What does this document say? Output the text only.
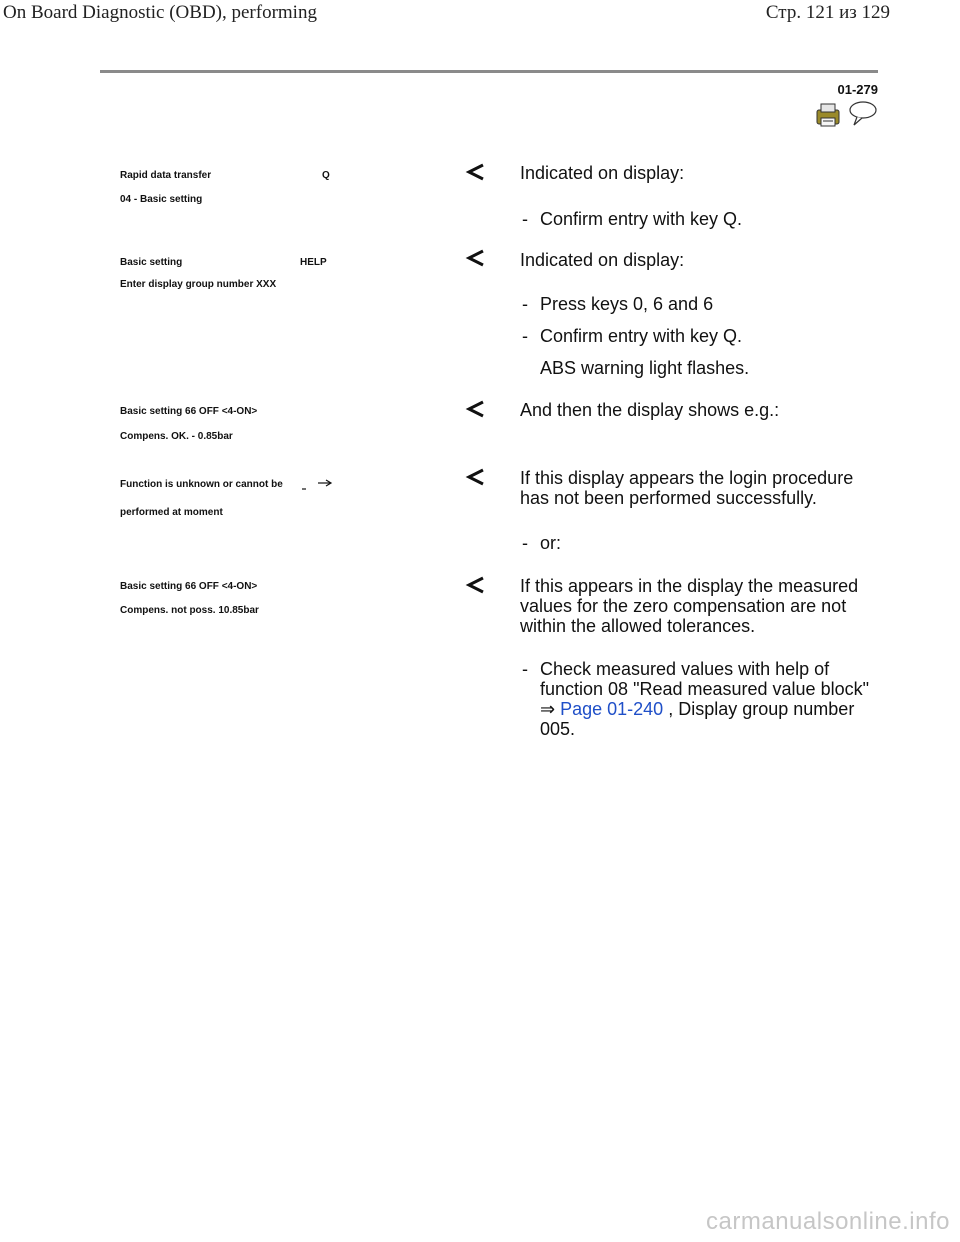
On Board Diagnostic (OBD), performing	Стр. 121 из 129
01-279
Rapid data transfer	Q
04 - Basic setting
Indicated on display:
- Confirm entry with key Q.
Basic setting	HELP
Enter display group number XXX
Indicated on display:
- Press keys 0, 6 and 6
- Confirm entry with key Q.
ABS warning light flashes.
Basic setting 66 OFF <4-ON>
Compens. OK. - 0.85bar
And then the display shows e.g.:
Function is unknown or cannot be
performed at moment
If this display appears the login procedure
has not been performed successfully.
- or:
Basic setting 66 OFF <4-ON>
Compens. not poss. 10.85bar
If this appears in the display the measured
values for the zero compensation are not
within the allowed tolerances.
- Check measured values with help of
function 08 "Read measured value block"
⇒ Page 01-240 , Display group number
005.
carmanualsonline.info
